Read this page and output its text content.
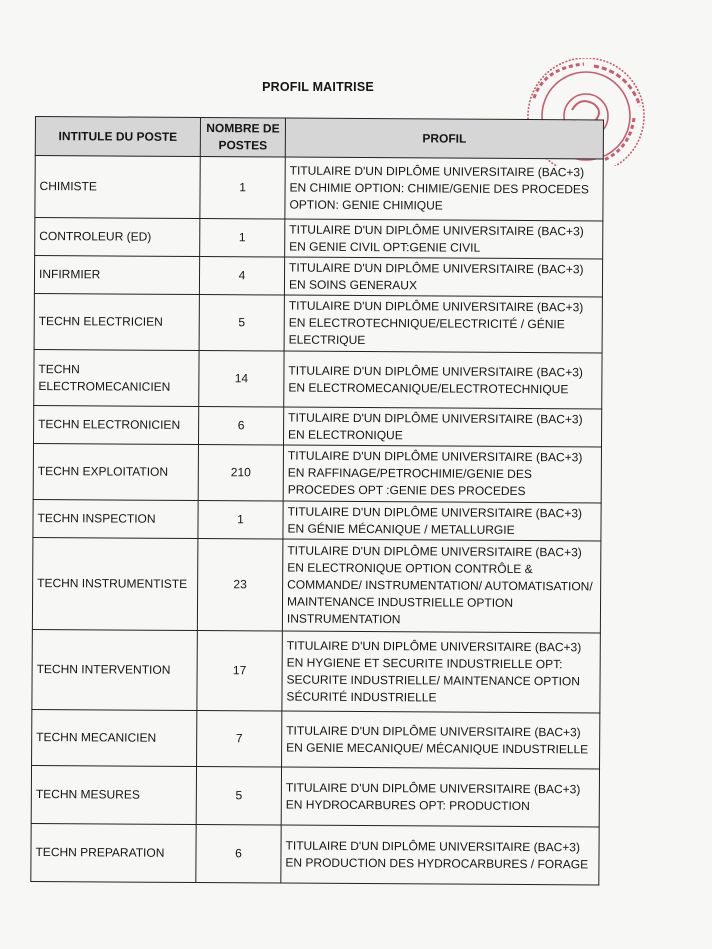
PROFIL MAITRISE
INTITULE DU POSTE	NOMBRE DE POSTES	PROFIL
CHIMISTE	1	TITULAIRE D'UN DIPLÔME UNIVERSITAIRE (BAC+3) EN CHIMIE OPTION: CHIMIE/GENIE DES PROCEDES OPTION: GENIE CHIMIQUE
CONTROLEUR (ED)	1	TITULAIRE D'UN DIPLÔME UNIVERSITAIRE (BAC+3) EN GENIE CIVIL OPT:GENIE CIVIL
INFIRMIER	4	TITULAIRE D'UN DIPLÔME UNIVERSITAIRE (BAC+3) EN SOINS GENERAUX
TECHN ELECTRICIEN	5	TITULAIRE D'UN DIPLÔME UNIVERSITAIRE (BAC+3) EN ELECTROTECHNIQUE/ELECTRICITÉ / GÉNIE ELECTRIQUE
TECHN ELECTROMECANICIEN	14	TITULAIRE D'UN DIPLÔME UNIVERSITAIRE (BAC+3) EN ELECTROMECANIQUE/ELECTROTECHNIQUE
TECHN ELECTRONICIEN	6	TITULAIRE D'UN DIPLÔME UNIVERSITAIRE (BAC+3) EN ELECTRONIQUE
TECHN EXPLOITATION	210	TITULAIRE D'UN DIPLÔME UNIVERSITAIRE (BAC+3) EN RAFFINAGE/PETROCHIMIE/GENIE DES PROCEDES OPT :GENIE DES PROCEDES
TECHN INSPECTION	1	TITULAIRE D'UN DIPLÔME UNIVERSITAIRE (BAC+3) EN GÉNIE MÉCANIQUE / METALLURGIE
TECHN INSTRUMENTISTE	23	TITULAIRE D'UN DIPLÔME UNIVERSITAIRE (BAC+3) EN ELECTRONIQUE OPTION CONTRÔLE & COMMANDE/ INSTRUMENTATION/ AUTOMATISATION/ MAINTENANCE INDUSTRIELLE OPTION INSTRUMENTATION
TECHN INTERVENTION	17	TITULAIRE D'UN DIPLÔME UNIVERSITAIRE (BAC+3) EN HYGIENE ET SECURITE INDUSTRIELLE OPT: SECURITE INDUSTRIELLE/ MAINTENANCE OPTION SÉCURITÉ INDUSTRIELLE
TECHN MECANICIEN	7	TITULAIRE D'UN DIPLÔME UNIVERSITAIRE (BAC+3) EN GENIE MECANIQUE/ MÉCANIQUE INDUSTRIELLE
TECHN MESURES	5	TITULAIRE D'UN DIPLÔME UNIVERSITAIRE (BAC+3) EN HYDROCARBURES OPT: PRODUCTION
TECHN PREPARATION	6	TITULAIRE D'UN DIPLÔME UNIVERSITAIRE (BAC+3) EN PRODUCTION DES HYDROCARBURES / FORAGE
